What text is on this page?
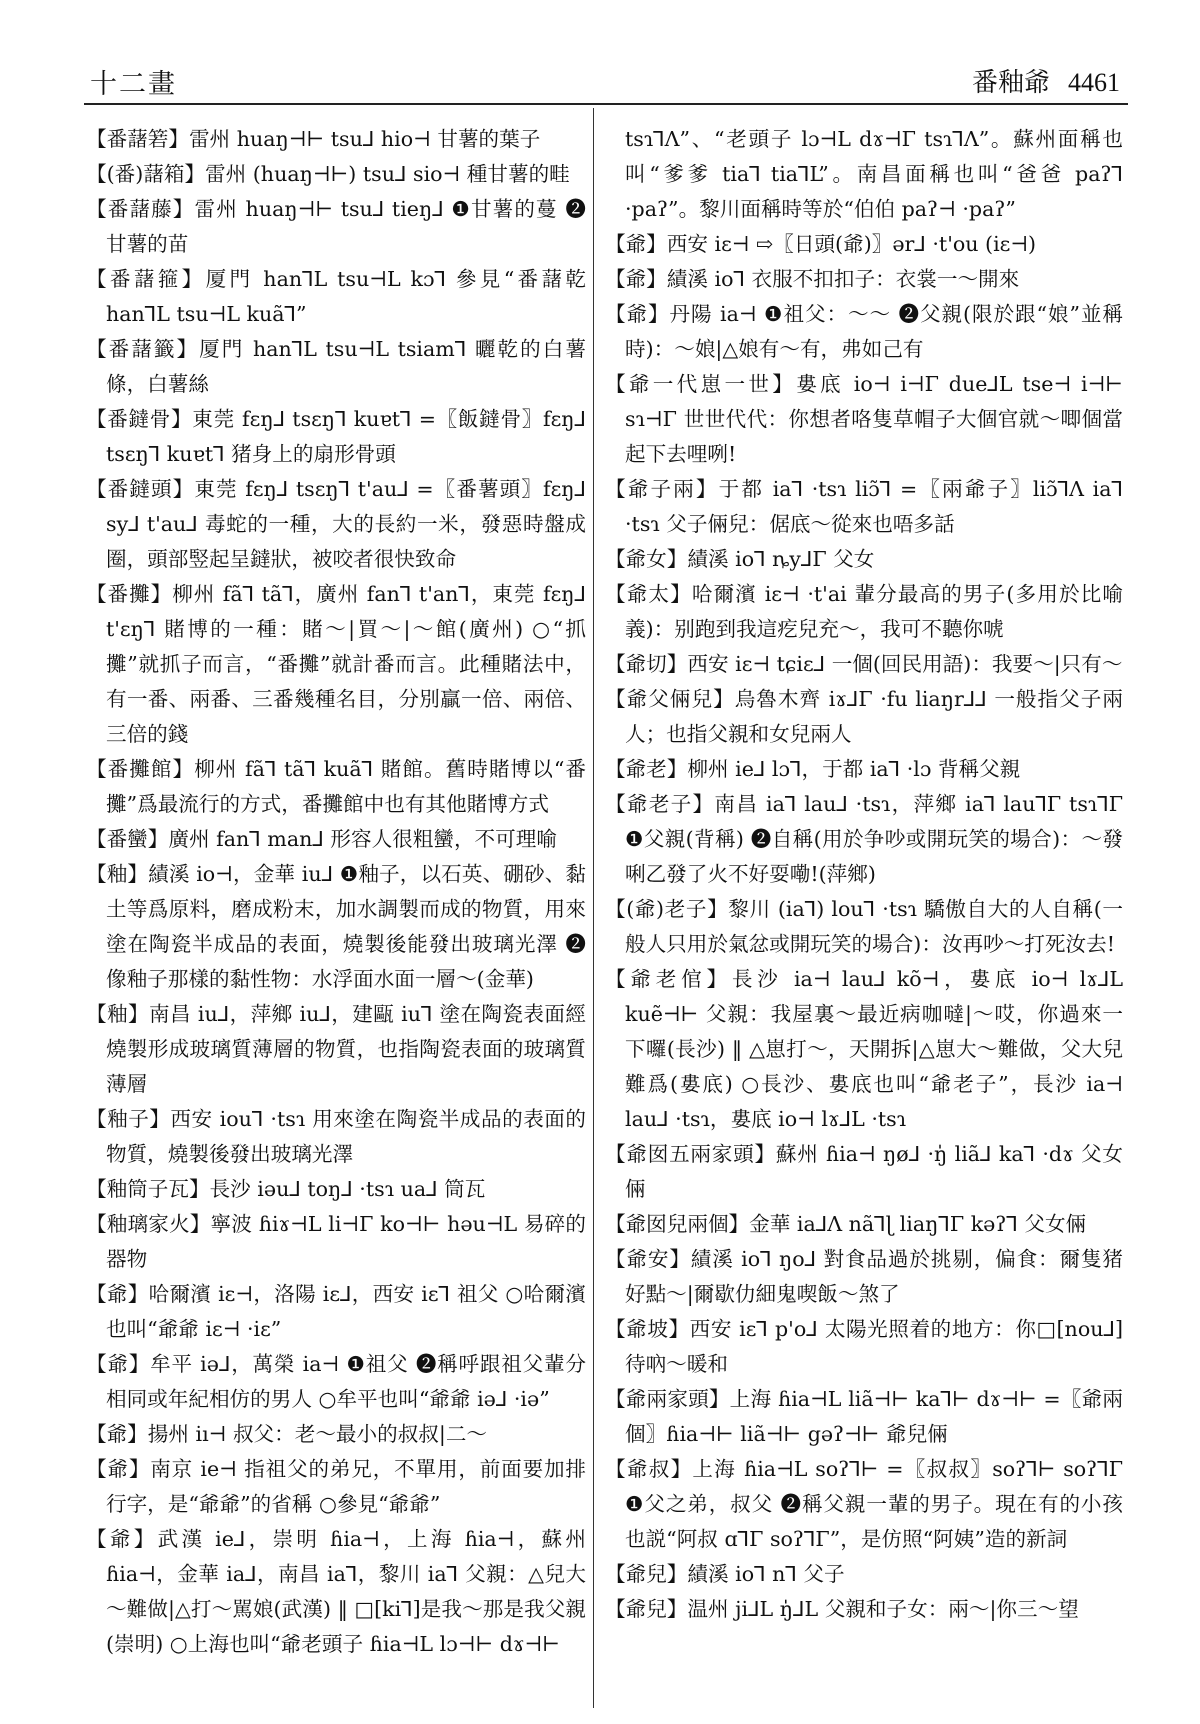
十二畫	番釉爺 4461

【番藷箬】雷州 huaŋ⊣⊢ tsu⅃ hio⊣ 甘薯的葉子

【(番)藷箱】雷州 (huaŋ⊣⊢) tsu⅃ sio⊣ 種甘薯的畦

【番藷藤】雷州 huaŋ⊣⊢ tsu⅃ tieŋ⅃ ❶甘薯的蔓 ❷甘薯的苗

【番藷箍】厦門 han⅂L tsu⊣L kɔ⅂ 參見“番藷乾 han⅂L tsu⊣L kuã⅂”

【番藷籤】厦門 han⅂L tsu⊣L tsiam⅂ 曬乾的白薯條，白薯絲

【番鐽骨】東莞 fɛŋ⅃ tsɛŋ⅂ kuɐt⅂ =〖飯鐽骨〗fɛŋ⅃ tsɛŋ⅂ kuɐt⅂ 猪身上的扇形骨頭

【番鐽頭】東莞 fɛŋ⅃ tsɛŋ⅂ t'au⅃ =〖番薯頭〗fɛŋ⅃ sy⅃ t'au⅃ 毒蛇的一種，大的長約一米，發惡時盤成圈，頭部竪起呈鐽狀，被咬者很快致命

【番攤】柳州 fã⅂ tã⅂，廣州 fan⅂ t'an⅂，東莞 fɛŋ⅃ t'ɛŋ⅂ 賭博的一種：賭～|買～|～館(廣州) ○“抓攤”就抓子而言，“番攤”就計番而言。此種賭法中，有一番、兩番、三番幾種名目，分別贏一倍、兩倍、三倍的錢

【番攤館】柳州 fã⅂ tã⅂ kuã⅂ 賭館。舊時賭博以“番攤”爲最流行的方式，番攤館中也有其他賭博方式

【番蠻】廣州 fan⅂ man⅃ 形容人很粗蠻，不可理喻

【釉】績溪 io⊣，金華 iu⅃ ❶釉子，以石英、硼砂、黏土等爲原料，磨成粉末，加水調製而成的物質，用來塗在陶瓷半成品的表面，燒製後能發出玻璃光澤 ❷像釉子那樣的黏性物：水浮面水面一層～(金華)

【釉】南昌 iu⅃，萍鄉 iu⅃，建甌 iu⅂ 塗在陶瓷表面經燒製形成玻璃質薄層的物質，也指陶瓷表面的玻璃質薄層

【釉子】西安 iou⅂ ·tsɿ 用來塗在陶瓷半成品的表面的物質，燒製後發出玻璃光澤

【釉筒子瓦】長沙 iəu⅃ toŋ⅃ ·tsɿ ua⅃ 筒瓦

【釉璃家火】寧波 ɦiɤ⊣L li⊣Γ ko⊣⊢ həu⊣L 易碎的器物

【爺】哈爾濱 iɛ⊣，洛陽 iɛ⅃，西安 iɛ⅂ 祖父 ○哈爾濱也叫“爺爺 iɛ⊣ ·iɛ”

【爺】牟平 iə⅃，萬榮 ia⊣ ❶祖父 ❷稱呼跟祖父輩分相同或年紀相仿的男人 ○牟平也叫“爺爺 iə⅃ ·iə”

【爺】揚州 iı⊣ 叔父：老～最小的叔叔|二～

【爺】南京 ie⊣ 指祖父的弟兄，不單用，前面要加排行字，是“爺爺”的省稱 ○參見“爺爺”

【爺】武漢 ie⅃，崇明 ɦia⊣，上海 ɦia⊣，蘇州 ɦia⊣，金華 ia⅃，南昌 ia⅂，黎川 ia⅂ 父親：△兒大～難做|△打～駡娘(武漢) ‖ □[ki⅂]是我～那是我父親(崇明) ○上海也叫“爺老頭子 ɦia⊣L lɔ⊣⊢ dɤ⊣⊢

tsɿ⅂Ʌ”、“老頭子 lɔ⊣L dɤ⊣Γ tsɿ⅂Ʌ”。蘇州面稱也叫“爹爹 tia⅂ tia⅂L”。南昌面稱也叫“爸爸 paʔ⅂ ·paʔ”。黎川面稱時等於“伯伯 paʔ⊣ ·paʔ”

【爺】西安 iɛ⊣ ⇨〖日頭(爺)〗ər⅃ ·t'ou (iɛ⊣)

【爺】績溪 io⅂ 衣服不扣扣子：衣裳一～開來

【爺】丹陽 ia⊣ ❶祖父：～～ ❷父親(限於跟“娘”並稱時)：～娘|△娘有～有，弗如己有

【爺一代崽一世】婁底 io⊣ i⊣Γ due⅃L tse⊣ i⊣⊢ sɿ⊣Γ 世世代代：你想者咯隻草帽子大個官就～唧個當起下去哩咧!

【爺子兩】于都 ia⅂ ·tsɿ liɔ̃⅂ =〖兩爺子〗liɔ̃⅂Ʌ ia⅂ ·tsɿ 父子倆兒：倨底～從來也唔多話

【爺女】績溪 io⅂ ȵy⅃Γ 父女

【爺太】哈爾濱 iɛ⊣ ·t'ai 輩分最高的男子(多用於比喻義)：别跑到我這疙兒充～，我可不聽你唬

【爺切】西安 iɛ⊣ tɕiɛ⅃ 一個(回民用語)：我要～|只有～

【爺父倆兒】烏魯木齊 iɤ⅃Γ ·fu liaŋr⅃⅃ 一般指父子兩人；也指父親和女兒兩人

【爺老】柳州 ie⅃ lɔ⅂，于都 ia⅂ ·lɔ 背稱父親

【爺老子】南昌 ia⅂ lau⅃ ·tsɿ，萍鄉 ia⅂ lau⅂Γ tsɿ⅂Γ ❶父親(背稱) ❷自稱(用於争吵或開玩笑的場合)：～發唎乙發了火不好耍嘞!(萍鄉)

【(爺)老子】黎川 (ia⅂) lou⅂ ·tsɿ 驕傲自大的人自稱(一般人只用於氣忿或開玩笑的場合)：汝再吵～打死汝去!

【爺老倌】長沙 ia⊣ lau⅃ kõ⊣，婁底 io⊣ lɤ⅃L kuẽ⊣⊢ 父親：我屋裏～最近病咖噠|～哎，你過來一下囉(長沙) ‖ △崽打～，天開拆|△崽大～難做，父大兒難爲(婁底) ○長沙、婁底也叫“爺老子”，長沙 ia⊣ lau⅃ ·tsɿ，婁底 io⊣ lɤ⅃L ·tsɿ

【爺囡五兩家頭】蘇州 ɦia⊣ ŋø⅃ ·ŋ̍ liã⅃ ka⅂ ·dɤ 父女倆

【爺囡兒兩個】金華 ia⅃Ʌ nã⅂ɭ liaŋ⅂Γ kəʔ⅂ 父女倆

【爺安】績溪 io⅂ ŋo⅃ 對食品過於挑剔，偏食：爾隻猪好點～|爾歇仂細鬼喫飯～煞了

【爺坡】西安 iɛ⅂ p'o⅃ 太陽光照着的地方：你□[nou⅃]待吶～暖和

【爺兩家頭】上海 ɦia⊣L liã⊣⊢ ka⅂⊢ dɤ⊣⊢ =〖爺兩個〗ɦia⊣⊢ liã⊣⊢ gəʔ⊣⊢ 爺兒倆

【爺叔】上海 ɦia⊣L soʔ⅂⊢ =〖叔叔〗soʔ⅂⊢ soʔ⅂Γ ❶父之弟，叔父 ❷稱父親一輩的男子。現在有的小孩也説“阿叔 ɑ⅂Γ soʔ⅂Γ”，是仿照“阿姨”造的新詞

【爺兒】績溪 io⅂ n⅂ 父子

【爺兒】温州 ji⅃L ŋ̍⅃L 父親和子女：兩～|你三～望
